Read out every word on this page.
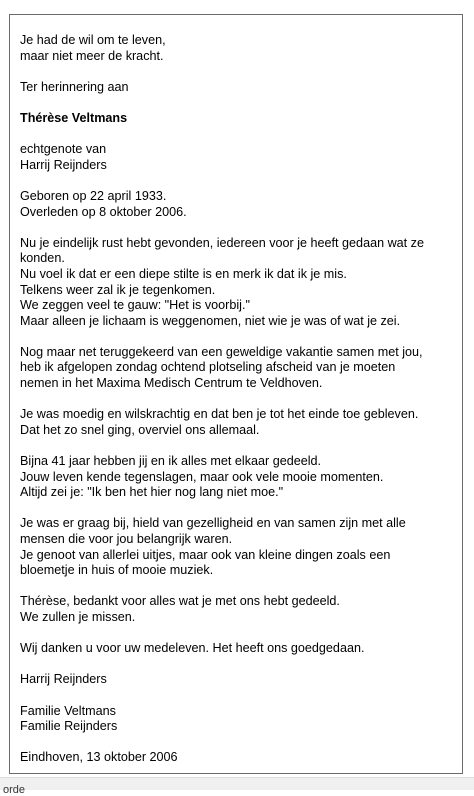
Je had de wil om te leven,
maar niet meer de kracht.
Ter herinnering aan
Thérèse Veltmans
echtgenote van
Harrij Reijnders
Geboren op 22 april 1933.
Overleden op 8 oktober 2006.
Nu je eindelijk rust hebt gevonden, iedereen voor je heeft gedaan wat ze
konden.
Nu voel ik dat er een diepe stilte is en merk ik dat ik je mis.
Telkens weer zal ik je tegenkomen.
We zeggen veel te gauw: "Het is voorbij."
Maar alleen je lichaam is weggenomen, niet wie je was of wat je zei.
Nog maar net teruggekeerd van een geweldige vakantie samen met jou,
heb ik afgelopen zondag ochtend plotseling afscheid van je moeten
nemen in het Maxima Medisch Centrum te Veldhoven.
Je was moedig en wilskrachtig en dat ben je tot het einde toe gebleven.
Dat het zo snel ging, overviel ons allemaal.
Bijna 41 jaar hebben jij en ik alles met elkaar gedeeld.
Jouw leven kende tegenslagen, maar ook vele mooie momenten.
Altijd zei je: "Ik ben het hier nog lang niet moe."
Je was er graag bij, hield van gezelligheid en van samen zijn met alle
mensen die voor jou belangrijk waren.
Je genoot van allerlei uitjes, maar ook van kleine dingen zoals een
bloemetje in huis of mooie muziek.
Thérèse, bedankt voor alles wat je met ons hebt gedeeld.
We zullen je missen.
Wij danken u voor uw medeleven. Het heeft ons goedgedaan.
Harrij Reijnders
Familie Veltmans
Familie Reijnders
Eindhoven, 13 oktober 2006
orde
